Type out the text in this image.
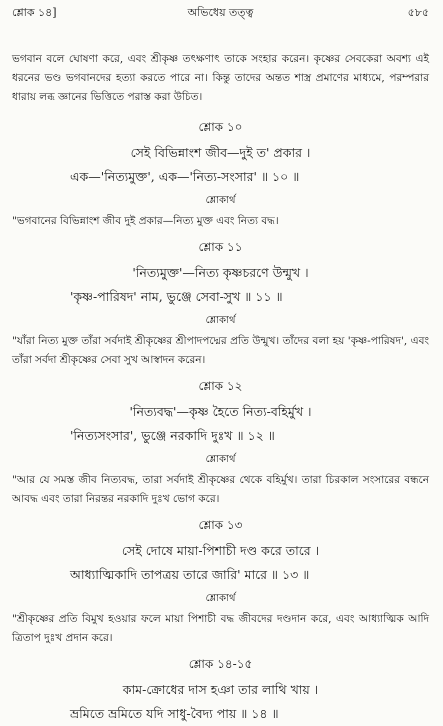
শ্লোক ১৪]	অভিধেয় তত্ত্ব	৫৮৫

ভগবান বলে ঘোষণা করে, এবং শ্রীকৃষ্ণ তৎক্ষণাৎ তাকে সংহার করেন। কৃষ্ণের সেবকেরা অবশ্য এই ধরনের ভণ্ড ভগবানদের হত্যা করতে পারে না। কিন্তু তাদের অন্তত শাস্ত্র প্রমাণের মাধ্যমে, পরম্পরার ধারায় লব্ধ জ্ঞানের ভিত্তিতে পরাস্ত করা উচিত।

শ্লোক ১০
সেই বিভিন্নাংশ জীব—দুই ত' প্রকার ।
এক—'নিত্যমুক্ত', এক—'নিত্য-সংসার' ॥ ১০ ॥
শ্লোকার্থ

"ভগবানের বিভিন্নাংশ জীব দুই প্রকার—নিত্য মুক্ত এবং নিত্য বদ্ধ।

শ্লোক ১১
'নিত্যমুক্ত'—নিত্য কৃষ্ণচরণে উন্মুখ ।
'কৃষ্ণ-পারিষদ' নাম, ভুঞ্জে সেবা-সুখ ॥ ১১ ॥
শ্লোকার্থ

"যাঁরা নিত্য মুক্ত তাঁরা সর্বদাই শ্রীকৃষ্ণের শ্রীপাদপদ্মের প্রতি উন্মুখ। তাঁদের বলা হয় 'কৃষ্ণ-পারিষদ', এবং তাঁরা সর্বদা শ্রীকৃষ্ণের সেবা সুখ আস্বাদন করেন।

শ্লোক ১২
'নিত্যবদ্ধ'—কৃষ্ণ হৈতে নিত্য-বহির্মুখ ।
'নিত্যসংসার', ভুঞ্জে নরকাদি দুঃখ ॥ ১২ ॥
শ্লোকার্থ

"আর যে সমস্ত জীব নিত্যবদ্ধ, তারা সর্বদাই শ্রীকৃষ্ণের থেকে বহির্মুখ। তারা চিরকাল সংসারের বন্ধনে আবদ্ধ এবং তারা নিরন্তর নরকাদি দুঃখ ভোগ করে।

শ্লোক ১৩
সেই দোষে মায়া-পিশাচী দণ্ড করে তারে ।
আধ্যাত্মিকাদি তাপত্রয় তারে জারি' মারে ॥ ১৩ ॥
শ্লোকার্থ

"শ্রীকৃষ্ণের প্রতি বিমুখ হওয়ার ফলে মায়া পিশাচী বদ্ধ জীবদের দণ্ডদান করে, এবং আধ্যাত্মিক আদি ত্রিতাপ দুঃখ প্রদান করে।

শ্লোক ১৪-১৫
কাম-ক্রোধের দাস হঞা তার লাথি খায় ।
ভ্রমিতে ভ্রমিতে যদি সাধু-বৈদ্য পায় ॥ ১৪ ॥
